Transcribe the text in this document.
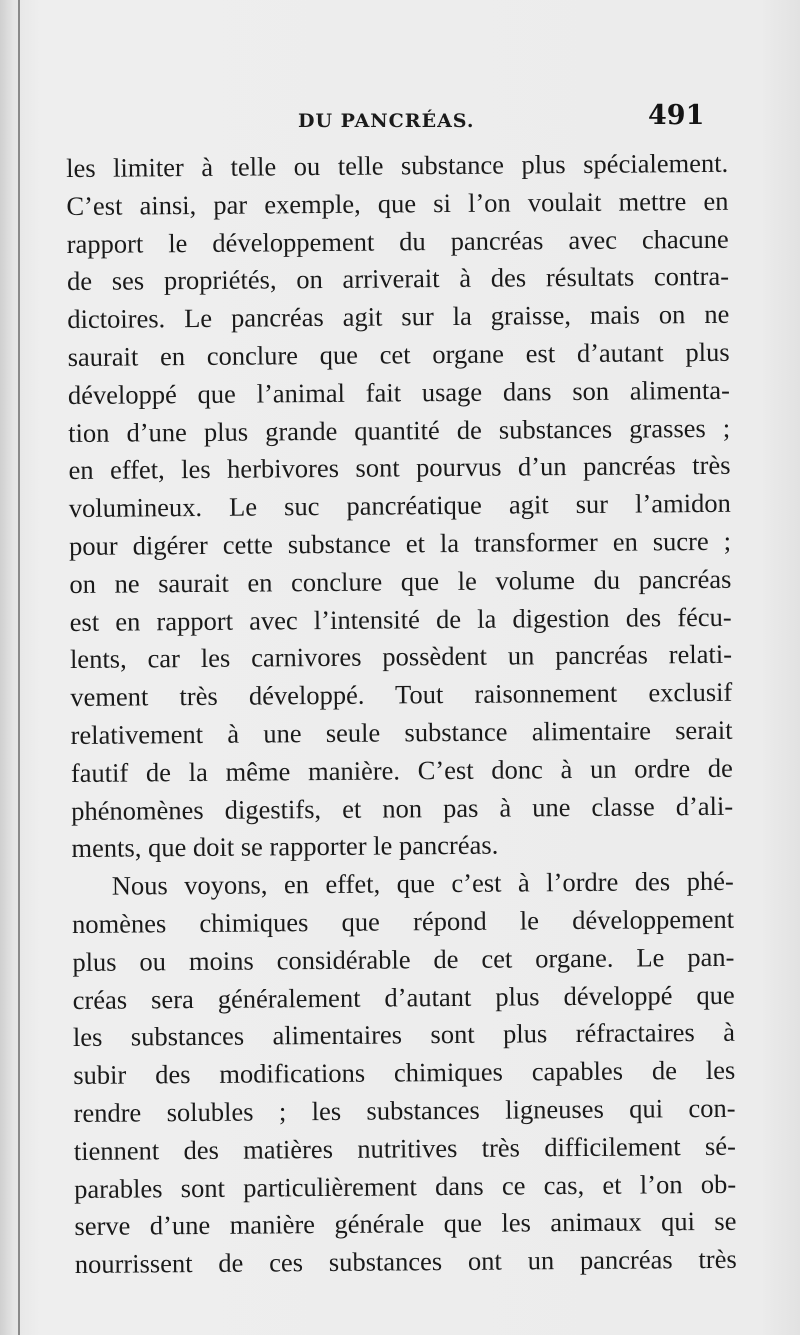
DU PANCRÉAS.	491
les limiter à telle ou telle substance plus spécialement.
C’est ainsi, par exemple, que si l’on voulait mettre en
rapport le développement du pancréas avec chacune
de ses propriétés, on arriverait à des résultats contra-
dictoires. Le pancréas agit sur la graisse, mais on ne
saurait en conclure que cet organe est d’autant plus
développé que l’animal fait usage dans son alimenta-
tion d’une plus grande quantité de substances grasses ;
en effet, les herbivores sont pourvus d’un pancréas très
volumineux. Le suc pancréatique agit sur l’amidon
pour digérer cette substance et la transformer en sucre ;
on ne saurait en conclure que le volume du pancréas
est en rapport avec l’intensité de la digestion des fécu-
lents, car les carnivores possèdent un pancréas relati-
vement très développé. Tout raisonnement exclusif
relativement à une seule substance alimentaire serait
fautif de la même manière. C’est donc à un ordre de
phénomènes digestifs, et non pas à une classe d’ali-
ments, que doit se rapporter le pancréas.
Nous voyons, en effet, que c’est à l’ordre des phé-
nomènes chimiques que répond le développement
plus ou moins considérable de cet organe. Le pan-
créas sera généralement d’autant plus développé que
les substances alimentaires sont plus réfractaires à
subir des modifications chimiques capables de les
rendre solubles ; les substances ligneuses qui con-
tiennent des matières nutritives très difficilement sé-
parables sont particulièrement dans ce cas, et l’on ob-
serve d’une manière générale que les animaux qui se
nourrissent de ces substances ont un pancréas très
